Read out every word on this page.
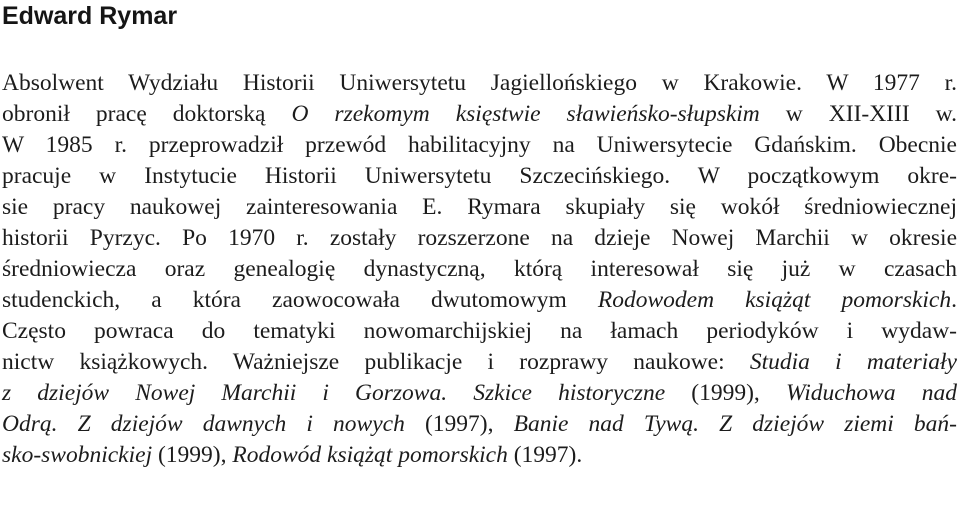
Edward Rymar
Absolwent Wydziału Historii Uniwersytetu Jagiellońskiego w Krakowie. W 1977 r.
obronił pracę doktorską O rzekomym księstwie sławieńsko-słupskim w XII-XIII w.
W 1985 r. przeprowadził przewód habilitacyjny na Uniwersytecie Gdańskim. Obecnie
pracuje w Instytucie Historii Uniwersytetu Szczecińskiego. W początkowym okre-
sie pracy naukowej zainteresowania E. Rymara skupiały się wokół średniowiecznej
historii Pyrzyc. Po 1970 r. zostały rozszerzone na dzieje Nowej Marchii w okresie
średniowiecza oraz genealogię dynastyczną, którą interesował się już w czasach
studenckich, a która zaowocowała dwutomowym Rodowodem książąt pomorskich.
Często powraca do tematyki nowomarchijskiej na łamach periodyków i wydaw-
nictw książkowych. Ważniejsze publikacje i rozprawy naukowe: Studia i materiały
z dziejów Nowej Marchii i Gorzowa. Szkice historyczne (1999), Widuchowa nad
Odrą. Z dziejów dawnych i nowych (1997), Banie nad Tywą. Z dziejów ziemi bań-
sko-swobnickiej (1999), Rodowód książąt pomorskich (1997).
